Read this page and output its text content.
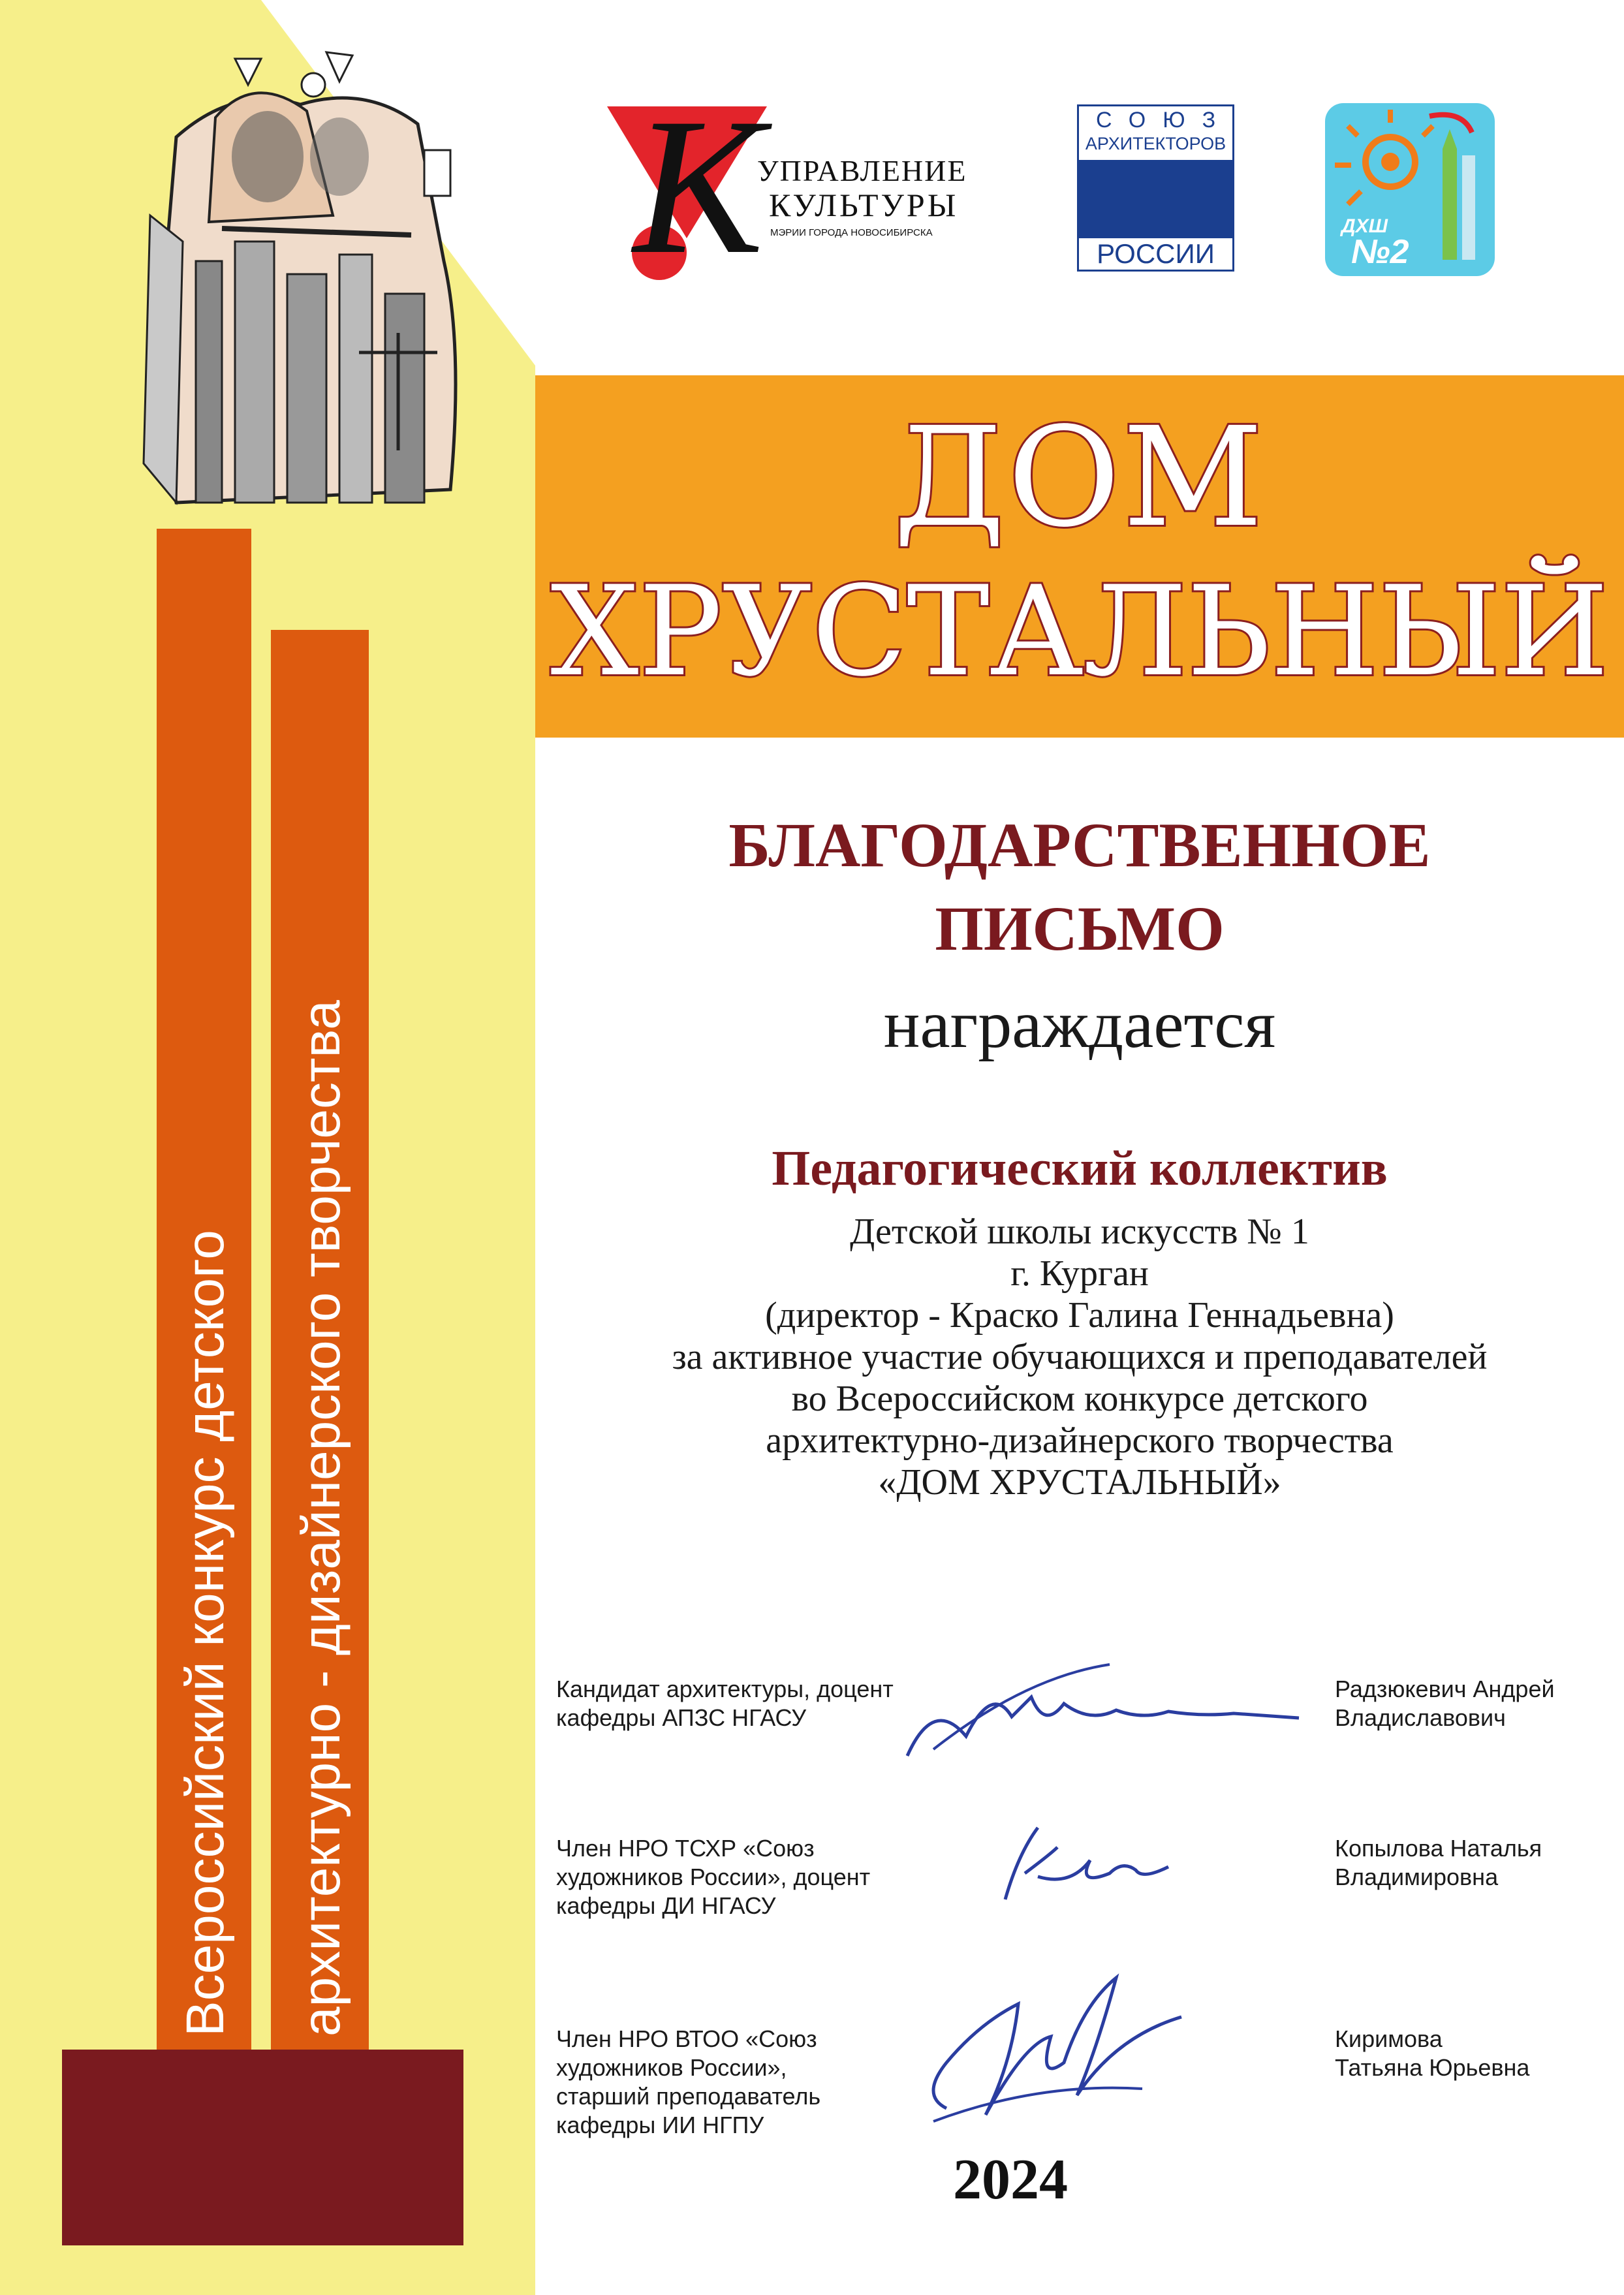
Всероссийский конкурс детского архитектурно - дизайнерского творчества
К
УПРАВЛЕНИЕ
КУЛЬТУРЫ
МЭРИИ ГОРОДА НОВОСИБИРСКА
СОЮЗ
АРХИТЕКТОРОВ
РОССИИ
ДХШ
№2
ДОМ
ХРУСТАЛЬНЫЙ
БЛАГОДАРСТВЕННОЕ
ПИСЬМО
награждается
Педагогический коллектив
Детской школы искусств № 1
г. Курган
(директор - Краско Галина Геннадьевна)
за активное участие обучающихся и преподавателей
во Всероссийском конкурсе детского
архитектурно-дизайнерского творчества
«ДОМ ХРУСТАЛЬНЫЙ»
Кандидат архитектуры, доцент
кафедры АПЗС НГАСУ
Радзюкевич Андрей
Владиславович
Член НРО ТСХР «Союз
художников России», доцент
кафедры ДИ НГАСУ
Копылова Наталья
Владимировна
Член НРО ВТОО «Союз
художников России»,
старший преподаватель
кафедры ИИ НГПУ
Киримова
Татьяна Юрьевна
2024
